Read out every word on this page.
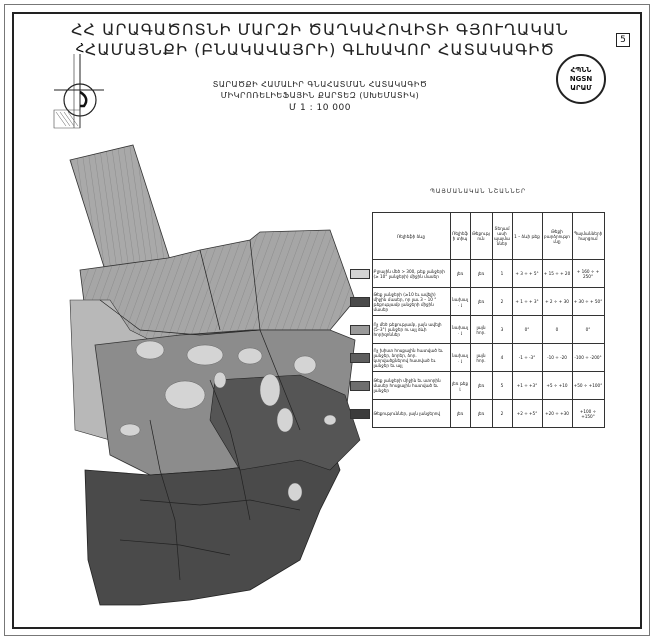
ՀՀ ԱՐԱԳԱԾՈՏՆԻ ՄԱՐԶԻ ԾԱՂԿԱՀՈՎԻՏԻ ԳՅՈՒՂԱԿԱՆ
ՀԱՄԱՅՆՔԻ (ԲՆԱԿԱՎԱՅՐԻ) ԳԼԽԱՎՈՐ ՀԱՏԱԿԱԳԻԾ
ՏԱՐԱԾՔԻ ՀԱՄԱԼԻՐ ԳՆԱՀԱՏՄԱՆ ՀԱՏԱԿԱԳԻԾ
ՄԻԿՐՈՌԵԼԻԵՖԱՅԻՆ ՔԱՐՏԵԶ (ՍԽԵՄԱՏԻԿ)
Մ 1 : 10 000
5
ՀՊՆՆ
NGSN
ԱՐԱՄ
Հ
ՊԱՅՄԱՆԱԿԱՆ ՆՇԱՆՆԵՐ
	Ռելիեֆի ձևը	Ռելիեֆի տիպ	Թեքություն	Տեղամասի պայմաններ	1 – ձևի թեք	Թեքի բարձրությունը	Պայմանների հարցում

	Բլրային մեծ > 300, թեք լանջերի (≥ 10° լանջերի) միջին մասեր	լեռ	լեռ	1	+ 3 ÷ + 5°	+ 15 ÷ + 20	+ 160 ÷ + 250°

	Թեք լանջերի (≥10 եւ ավելի) միջին մասեր, որ լաւ 3 – 10 ° թեքությամբ լանջերի միջին մասեր	նախալ. լ	լեռ	2	+ 1 ÷ + 3°	+ 2 ÷ + 30	+ 30 ÷ + 50°

	Ոչ մեծ թեքությամբ, լայն ավելի (5–3°) լանջեր ու այլ ձևի հորիզոններ	նախալ. լ	լայն հոր.	3	0°	0	0°

	Ոչ խիստ հոսքային հատված եւ լանջեր, ձորեր, ձոր. կտրվածքներով հատված եւ լանջեր եւ այլ	նախալ. լ	լայն հոր.	4	-1 ÷ -3°	-10 ÷ -20	-100 ÷ -200°

	Թեք լանջերի միջին եւ ստորին մասեր հոսքային հատված եւ լանջեր	լեռ թեք լ	լեռ	5	+1 ÷ +3°	+5 ÷ +10	+50 ÷ +100°

	Թեքություններ, լայն լանջերով	լեռ	լեռ	2	+2 ÷ +5°	+20 ÷ +30	+100 ÷ +150°
